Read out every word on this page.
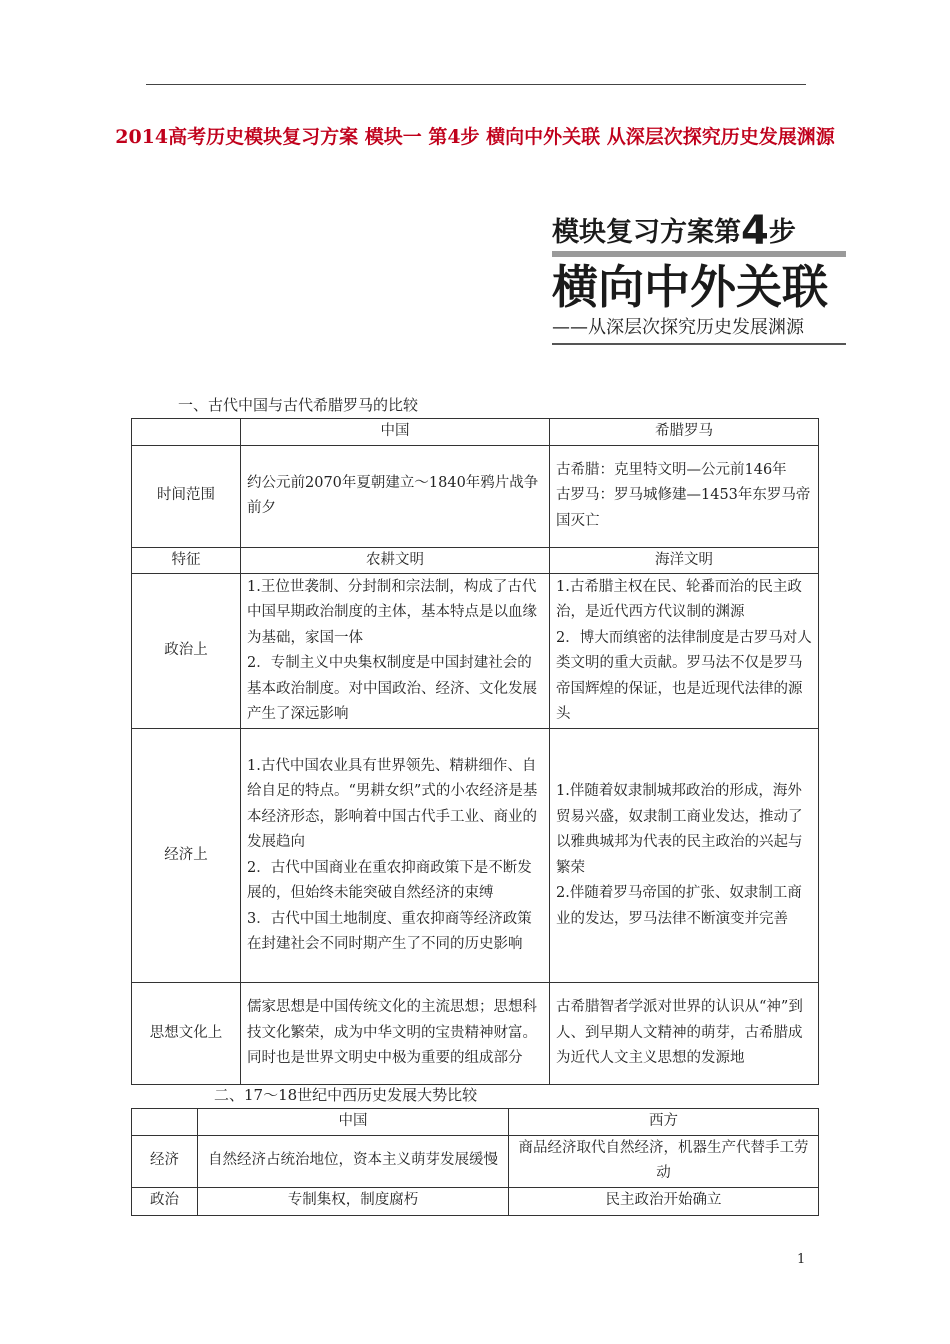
2014高考历史模块复习方案 模块一 第4步 横向中外关联 从深层次探究历史发展渊源
模块复习方案第4步
横向中外关联
——从深层次探究历史发展渊源
一、古代中国与古代希腊罗马的比较
	中国	希腊罗马
时间范围	约公元前2070年夏朝建立～1840年鸦片战争前夕	古希腊：克里特文明—公元前146年
古罗马：罗马城修建—1453年东罗马帝国灭亡
特征	农耕文明	海洋文明
政治上	1.王位世袭制、分封制和宗法制，构成了古代中国早期政治制度的主体，基本特点是以血缘为基础，家国一体
2．专制主义中央集权制度是中国封建社会的基本政治制度。对中国政治、经济、文化发展产生了深远影响	1.古希腊主权在民、轮番而治的民主政治，是近代西方代议制的渊源
2．博大而缜密的法律制度是古罗马对人类文明的重大贡献。罗马法不仅是罗马帝国辉煌的保证，也是近现代法律的源头
经济上	1.古代中国农业具有世界领先、精耕细作、自给自足的特点。“男耕女织”式的小农经济是基本经济形态，影响着中国古代手工业、商业的发展趋向
2．古代中国商业在重农抑商政策下是不断发展的，但始终未能突破自然经济的束缚
3．古代中国土地制度、重农抑商等经济政策在封建社会不同时期产生了不同的历史影响	1.伴随着奴隶制城邦政治的形成，海外贸易兴盛，奴隶制工商业发达，推动了以雅典城邦为代表的民主政治的兴起与繁荣
2.伴随着罗马帝国的扩张、奴隶制工商业的发达，罗马法律不断演变并完善
思想文化上	儒家思想是中国传统文化的主流思想；思想科技文化繁荣，成为中华文明的宝贵精神财富。同时也是世界文明史中极为重要的组成部分	古希腊智者学派对世界的认识从“神”到人、到早期人文精神的萌芽，古希腊成为近代人文主义思想的发源地
二、17～18世纪中西历史发展大势比较
	中国	西方
经济	自然经济占统治地位，资本主义萌芽发展缓慢	商品经济取代自然经济，机器生产代替手工劳动
政治	专制集权，制度腐朽	民主政治开始确立
1
